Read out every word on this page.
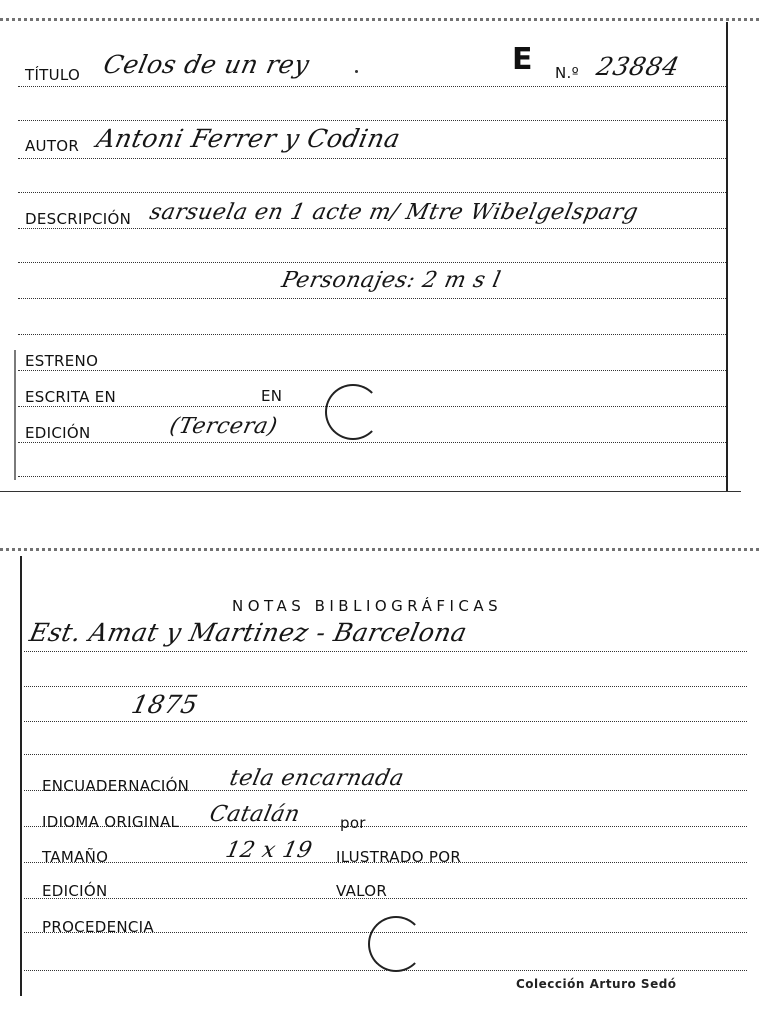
TÍTULO Celos de un rey	E N.º 23884
AUTOR Antoni Ferrer y Codina
DESCRIPCIÓN sarsuela en 1 acte m/ Mtre Wibelgelsparg
Personajes: 2 m s l
ESTRENO
ESCRITA EN	EN
EDICIÓN	(Tercera)
NOTAS BIBLIOGRÁFICAS
Est. Amat y Martinez - Barcelona
1875
ENCUADERNACIÓN tela encarnada
IDIOMA ORIGINAL Catalán	por
TAMAÑO	12 x 19 ILUSTRADO POR
EDICIÓN	VALOR
PROCEDENCIA
Colección Arturo Sedó
